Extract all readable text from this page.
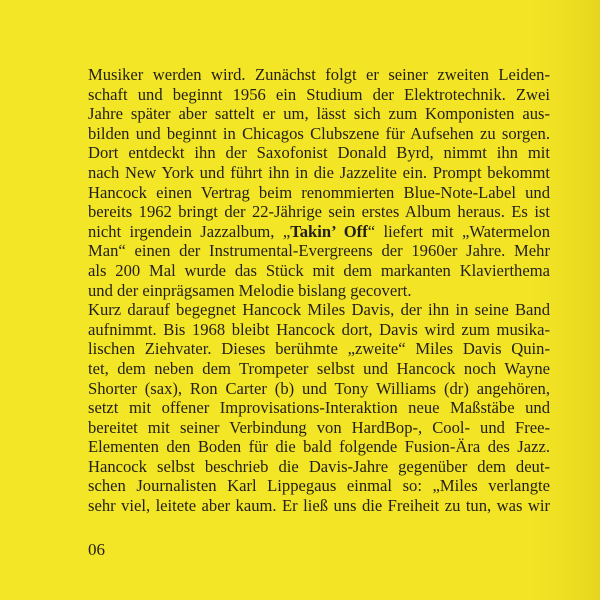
Musiker werden wird. Zunächst folgt er seiner zweiten Leiden-
schaft und beginnt 1956 ein Studium der Elektrotechnik. Zwei
Jahre später aber sattelt er um, lässt sich zum Komponisten aus-
bilden und beginnt in Chicagos Clubszene für Aufsehen zu sorgen.
Dort entdeckt ihn der Saxofonist Donald Byrd, nimmt ihn mit
nach New York und führt ihn in die Jazzelite ein. Prompt bekommt
Hancock einen Vertrag beim renommierten Blue-Note-Label und
bereits 1962 bringt der 22-Jährige sein erstes Album heraus. Es ist
nicht irgendein Jazzalbum, „Takin’ Off“ liefert mit „Watermelon
Man“ einen der Instrumental-Evergreens der 1960er Jahre. Mehr
als 200 Mal wurde das Stück mit dem markanten Klavierthema
und der einprägsamen Melodie bislang gecovert.
Kurz darauf begegnet Hancock Miles Davis, der ihn in seine Band
aufnimmt. Bis 1968 bleibt Hancock dort, Davis wird zum musika-
lischen Ziehvater. Dieses berühmte „zweite“ Miles Davis Quin-
tet, dem neben dem Trompeter selbst und Hancock noch Wayne
Shorter (sax), Ron Carter (b) und Tony Williams (dr) angehören,
setzt mit offener Improvisations-Interaktion neue Maßstäbe und
bereitet mit seiner Verbindung von HardBop-, Cool- und Free-
Elementen den Boden für die bald folgende Fusion-Ära des Jazz.
Hancock selbst beschrieb die Davis-Jahre gegenüber dem deut-
schen Journalisten Karl Lippegaus einmal so: „Miles verlangte
sehr viel, leitete aber kaum. Er ließ uns die Freiheit zu tun, was wir
06
